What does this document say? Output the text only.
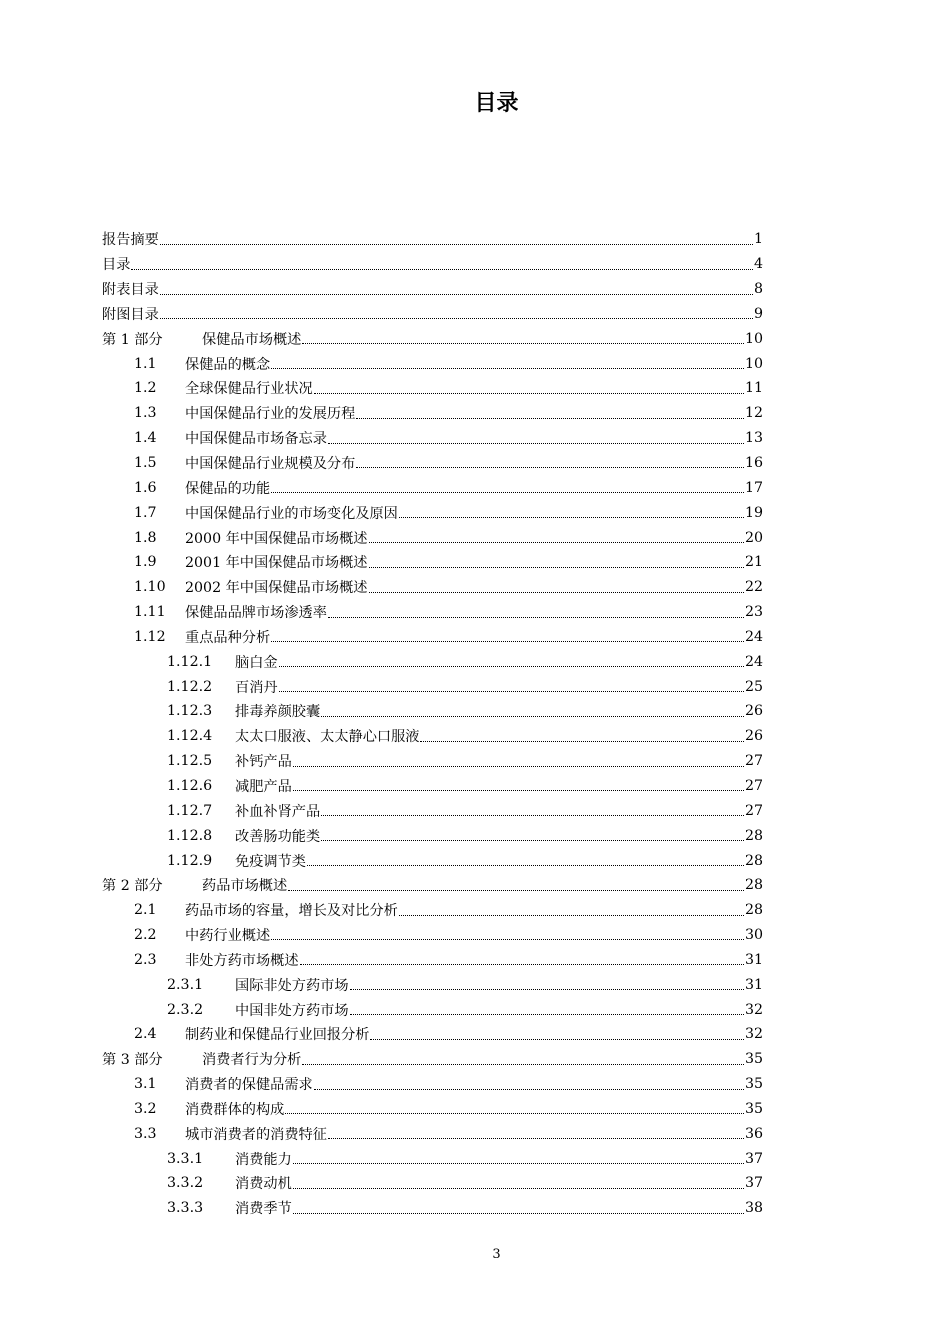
目录
报告摘要	1
目录	4
附表目录	8
附图目录	9
第 1 部分	保健品市场概述	10
1.1	保健品的概念	10
1.2	全球保健品行业状况	11
1.3	中国保健品行业的发展历程	12
1.4	中国保健品市场备忘录	13
1.5	中国保健品行业规模及分布	16
1.6	保健品的功能	17
1.7	中国保健品行业的市场变化及原因	19
1.8	2000 年中国保健品市场概述	20
1.9	2001 年中国保健品市场概述	21
1.10	2002 年中国保健品市场概述	22
1.11	保健品品牌市场渗透率	23
1.12	重点品种分析	24
1.12.1	脑白金	24
1.12.2	百消丹	25
1.12.3	排毒养颜胶囊	26
1.12.4	太太口服液、太太静心口服液	26
1.12.5	补钙产品	27
1.12.6	减肥产品	27
1.12.7	补血补肾产品	27
1.12.8	改善肠功能类	28
1.12.9	免疫调节类	28
第 2 部分	药品市场概述	28
2.1	药品市场的容量，增长及对比分析	28
2.2	中药行业概述	30
2.3	非处方药市场概述	31
2.3.1	国际非处方药市场	31
2.3.2	中国非处方药市场	32
2.4	制药业和保健品行业回报分析	32
第 3 部分	消费者行为分析	35
3.1	消费者的保健品需求	35
3.2	消费群体的构成	35
3.3	城市消费者的消费特征	36
3.3.1	消费能力	37
3.3.2	消费动机	37
3.3.3	消费季节	38
3
